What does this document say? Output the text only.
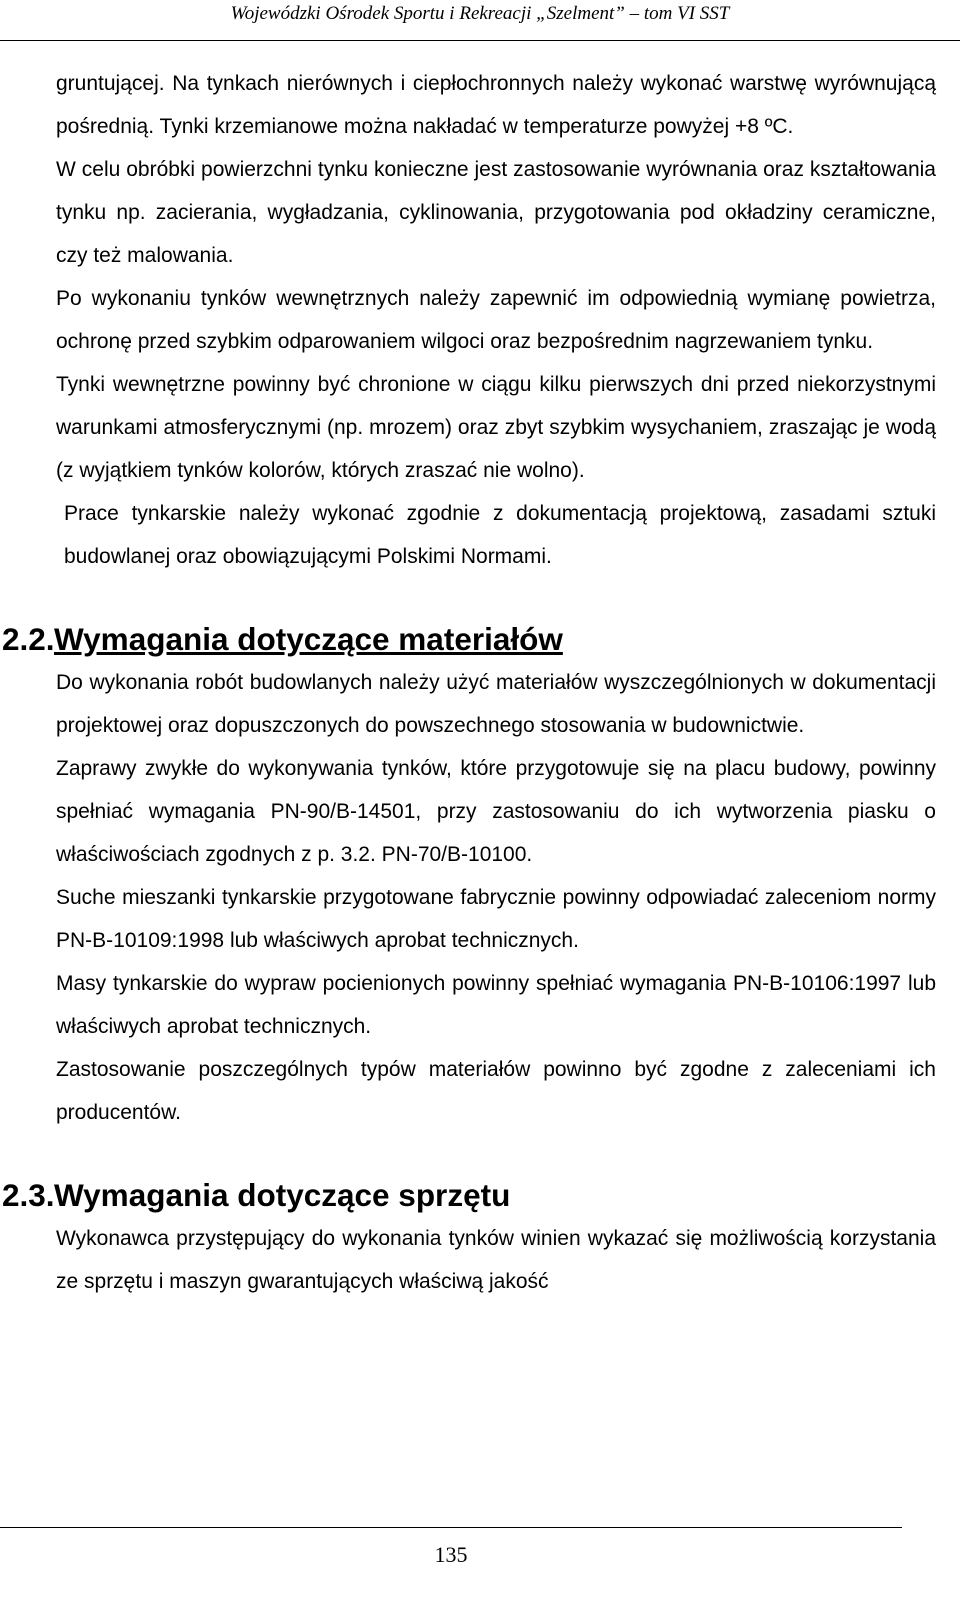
Wojewódzki Ośrodek Sportu i Rekreacji „Szelment” – tom VI SST

gruntującej. Na tynkach nierównych i ciepłochronnych należy wykonać warstwę wyrównującą pośrednią. Tynki krzemianowe można nakładać w temperaturze powyżej +8 ºC.

W celu obróbki powierzchni tynku konieczne jest zastosowanie wyrównania oraz kształtowania tynku np. zacierania, wygładzania, cyklinowania, przygotowania pod okładziny ceramiczne, czy też malowania.

Po wykonaniu tynków wewnętrznych należy zapewnić im odpowiednią wymianę powietrza, ochronę przed szybkim odparowaniem wilgoci oraz bezpośrednim nagrzewaniem tynku.

Tynki wewnętrzne powinny być chronione w ciągu kilku pierwszych dni przed niekorzystnymi warunkami atmosferycznymi (np. mrozem) oraz zbyt szybkim wysychaniem, zraszając je wodą (z wyjątkiem tynków kolorów, których zraszać nie wolno).

Prace tynkarskie należy wykonać zgodnie z dokumentacją projektową, zasadami sztuki budowlanej oraz obowiązującymi Polskimi Normami.

2.2.Wymagania dotyczące materiałów

Do wykonania robót budowlanych należy użyć materiałów wyszczególnionych w dokumentacji projektowej oraz dopuszczonych do powszechnego stosowania w budownictwie.

Zaprawy zwykłe do wykonywania tynków, które przygotowuje się na placu budowy, powinny spełniać wymagania PN-90/B-14501, przy zastosowaniu do ich wytworzenia piasku o właściwościach zgodnych z p. 3.2. PN-70/B-10100.

Suche mieszanki tynkarskie przygotowane fabrycznie powinny odpowiadać zaleceniom normy PN-B-10109:1998 lub właściwych aprobat technicznych.

Masy tynkarskie do wypraw pocienionych powinny spełniać wymagania PN-B-10106:1997 lub właściwych aprobat technicznych.

Zastosowanie poszczególnych typów materiałów powinno być zgodne z zaleceniami ich producentów.

2.3.Wymagania dotyczące sprzętu

Wykonawca przystępujący do wykonania tynków winien wykazać się możliwością korzystania ze sprzętu i maszyn gwarantujących właściwą jakość

135
